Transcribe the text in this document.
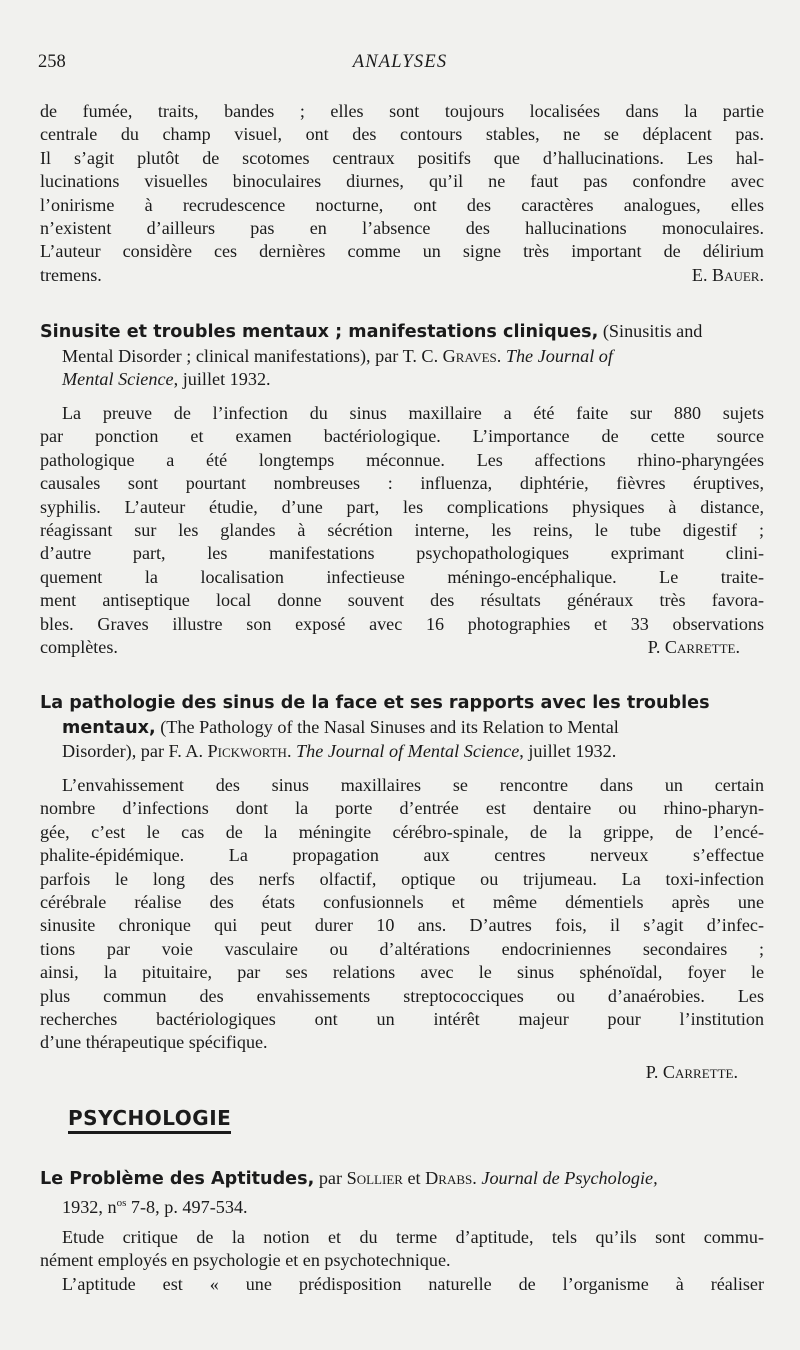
258	ANALYSES
de fumée, traits, bandes ; elles sont toujours localisées dans la partie
centrale du champ visuel, ont des contours stables, ne se déplacent pas.
Il s’agit plutôt de scotomes centraux positifs que d’hallucinations. Les hal-
lucinations visuelles binoculaires diurnes, qu’il ne faut pas confondre avec
l’onirisme à recrudescence nocturne, ont des caractères analogues, elles
n’existent d’ailleurs pas en l’absence des hallucinations monoculaires.
L’auteur considère ces dernières comme un signe très important de délirium
tremens.	E. Bauer.
Sinusite et troubles mentaux ; manifestations cliniques, (Sinusitis and
Mental Disorder ; clinical manifestations), par T. C. Graves. The Journal of
Mental Science, juillet 1932.
La preuve de l’infection du sinus maxillaire a été faite sur 880 sujets
par ponction et examen bactériologique. L’importance de cette source
pathologique a été longtemps méconnue. Les affections rhino-pharyngées
causales sont pourtant nombreuses : influenza, diphtérie, fièvres éruptives,
syphilis. L’auteur étudie, d’une part, les complications physiques à distance,
réagissant sur les glandes à sécrétion interne, les reins, le tube digestif ;
d’autre part, les manifestations psychopathologiques exprimant clini-
quement la localisation infectieuse méningo-encéphalique. Le traite-
ment antiseptique local donne souvent des résultats généraux très favora-
bles. Graves illustre son exposé avec 16 photographies et 33 observations
complètes.	P. Carrette.
La pathologie des sinus de la face et ses rapports avec les troubles
mentaux, (The Pathology of the Nasal Sinuses and its Relation to Mental
Disorder), par F. A. Pickworth. The Journal of Mental Science, juillet 1932.
L’envahissement des sinus maxillaires se rencontre dans un certain
nombre d’infections dont la porte d’entrée est dentaire ou rhino-pharyn-
gée, c’est le cas de la méningite cérébro-spinale, de la grippe, de l’encé-
phalite-épidémique. La propagation aux centres nerveux s’effectue
parfois le long des nerfs olfactif, optique ou trijumeau. La toxi-infection
cérébrale réalise des états confusionnels et même démentiels après une
sinusite chronique qui peut durer 10 ans. D’autres fois, il s’agit d’infec-
tions par voie vasculaire ou d’altérations endocriniennes secondaires ;
ainsi, la pituitaire, par ses relations avec le sinus sphénoïdal, foyer le
plus commun des envahissements streptococciques ou d’anaérobies. Les
recherches bactériologiques ont un intérêt majeur pour l’institution
d’une thérapeutique spécifique.
P. Carrette.
PSYCHOLOGIE
Le Problème des Aptitudes, par Sollier et Drabs. Journal de Psychologie,
1932, $n^{os}$ 7-8, p. 497-534.
Etude critique de la notion et du terme d’aptitude, tels qu’ils sont commu-
nément employés en psychologie et en psychotechnique.
L’aptitude est « une prédisposition naturelle de l’organisme à réaliser
